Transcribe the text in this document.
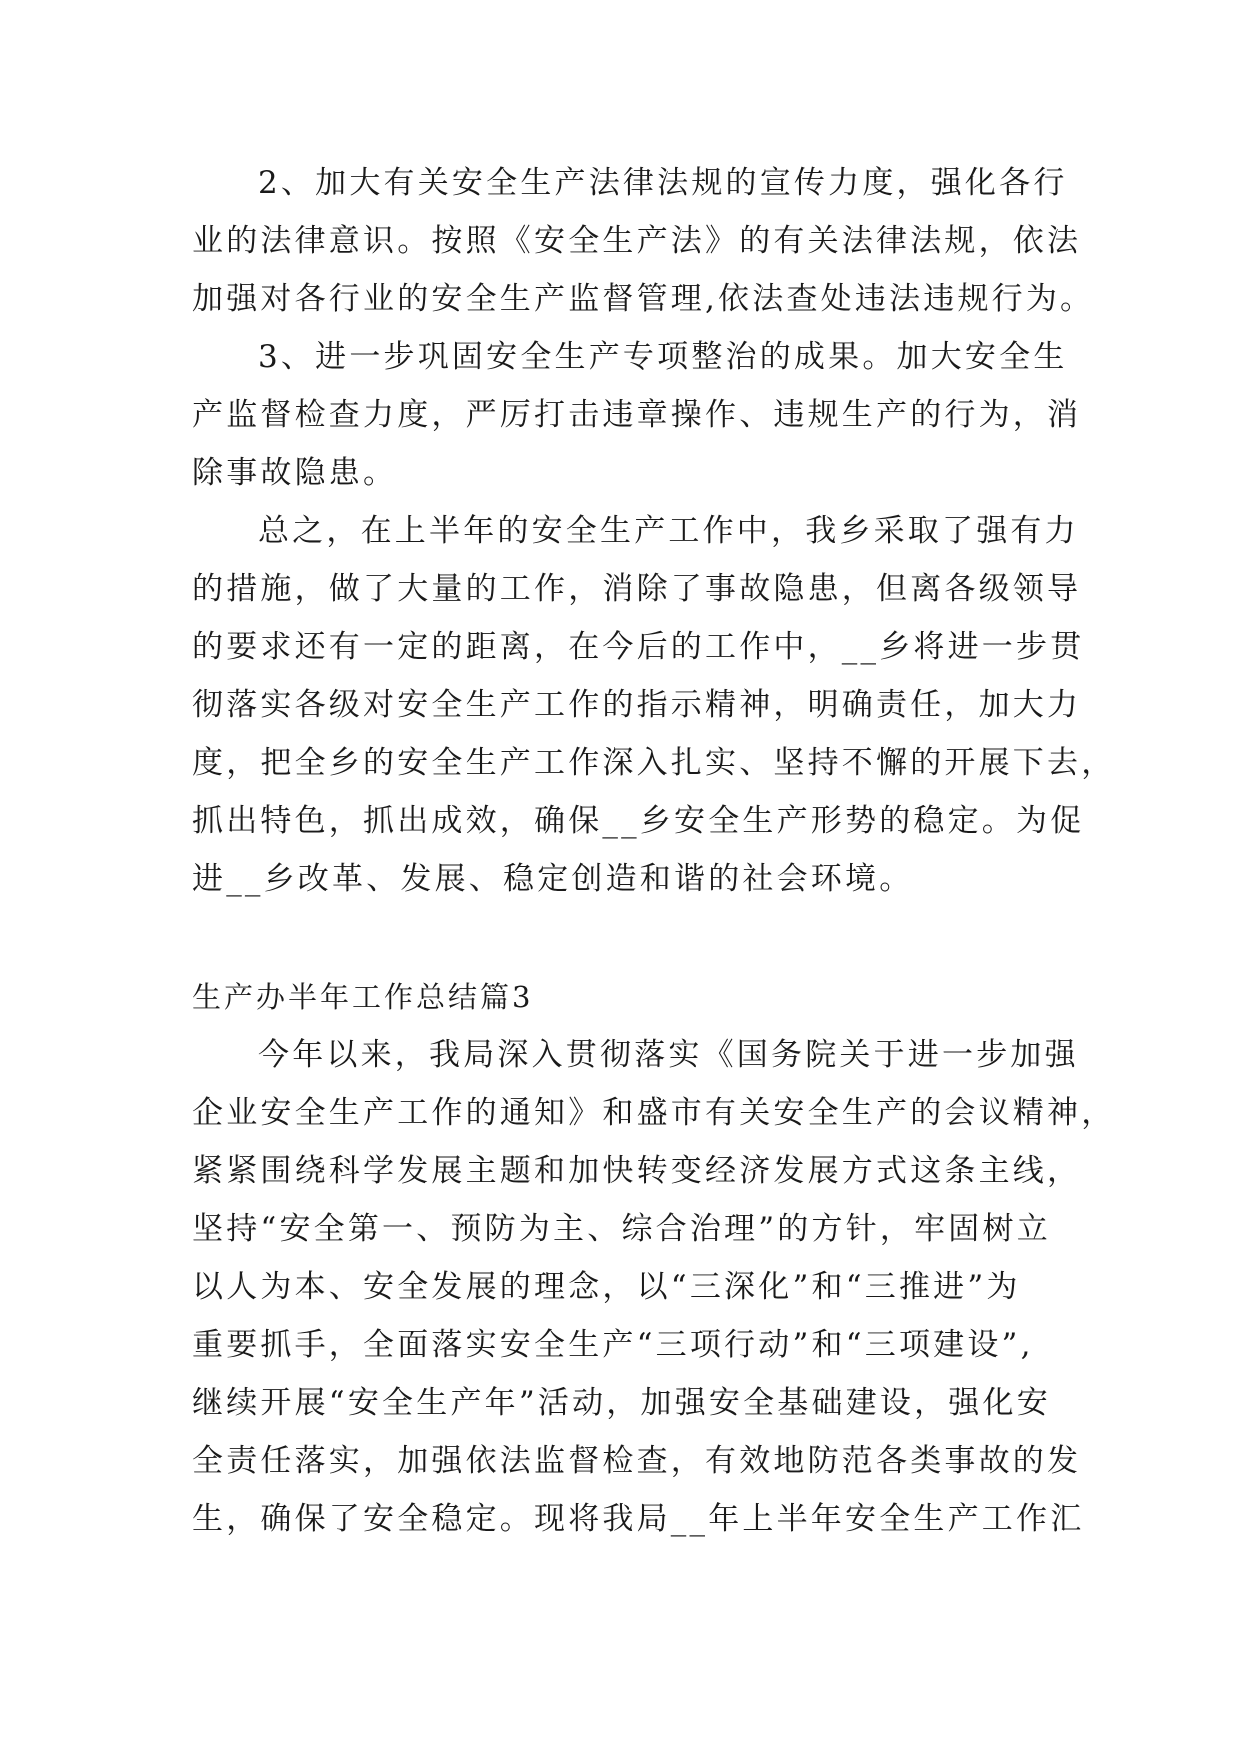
2、加大有关安全生产法律法规的宣传力度，强化各行
业的法律意识。按照《安全生产法》的有关法律法规，依法
加强对各行业的安全生产监督管理,依法查处违法违规行为。
3、进一步巩固安全生产专项整治的成果。加大安全生
产监督检查力度，严厉打击违章操作、违规生产的行为，消
除事故隐患。
总之，在上半年的安全生产工作中，我乡采取了强有力
的措施，做了大量的工作，消除了事故隐患，但离各级领导
的要求还有一定的距离，在今后的工作中，__乡将进一步贯
彻落实各级对安全生产工作的指示精神，明确责任，加大力
度，把全乡的安全生产工作深入扎实、坚持不懈的开展下去，
抓出特色，抓出成效，确保__乡安全生产形势的稳定。为促
进__乡改革、发展、稳定创造和谐的社会环境。
生产办半年工作总结篇3
今年以来，我局深入贯彻落实《国务院关于进一步加强
企业安全生产工作的通知》和盛市有关安全生产的会议精神，
紧紧围绕科学发展主题和加快转变经济发展方式这条主线，
坚持“安全第一、预防为主、综合治理”的方针，牢固树立
以人为本、安全发展的理念，以“三深化”和“三推进”为
重要抓手，全面落实安全生产“三项行动”和“三项建设”,
继续开展“安全生产年”活动，加强安全基础建设，强化安
全责任落实，加强依法监督检查，有效地防范各类事故的发
生，确保了安全稳定。现将我局__年上半年安全生产工作汇
